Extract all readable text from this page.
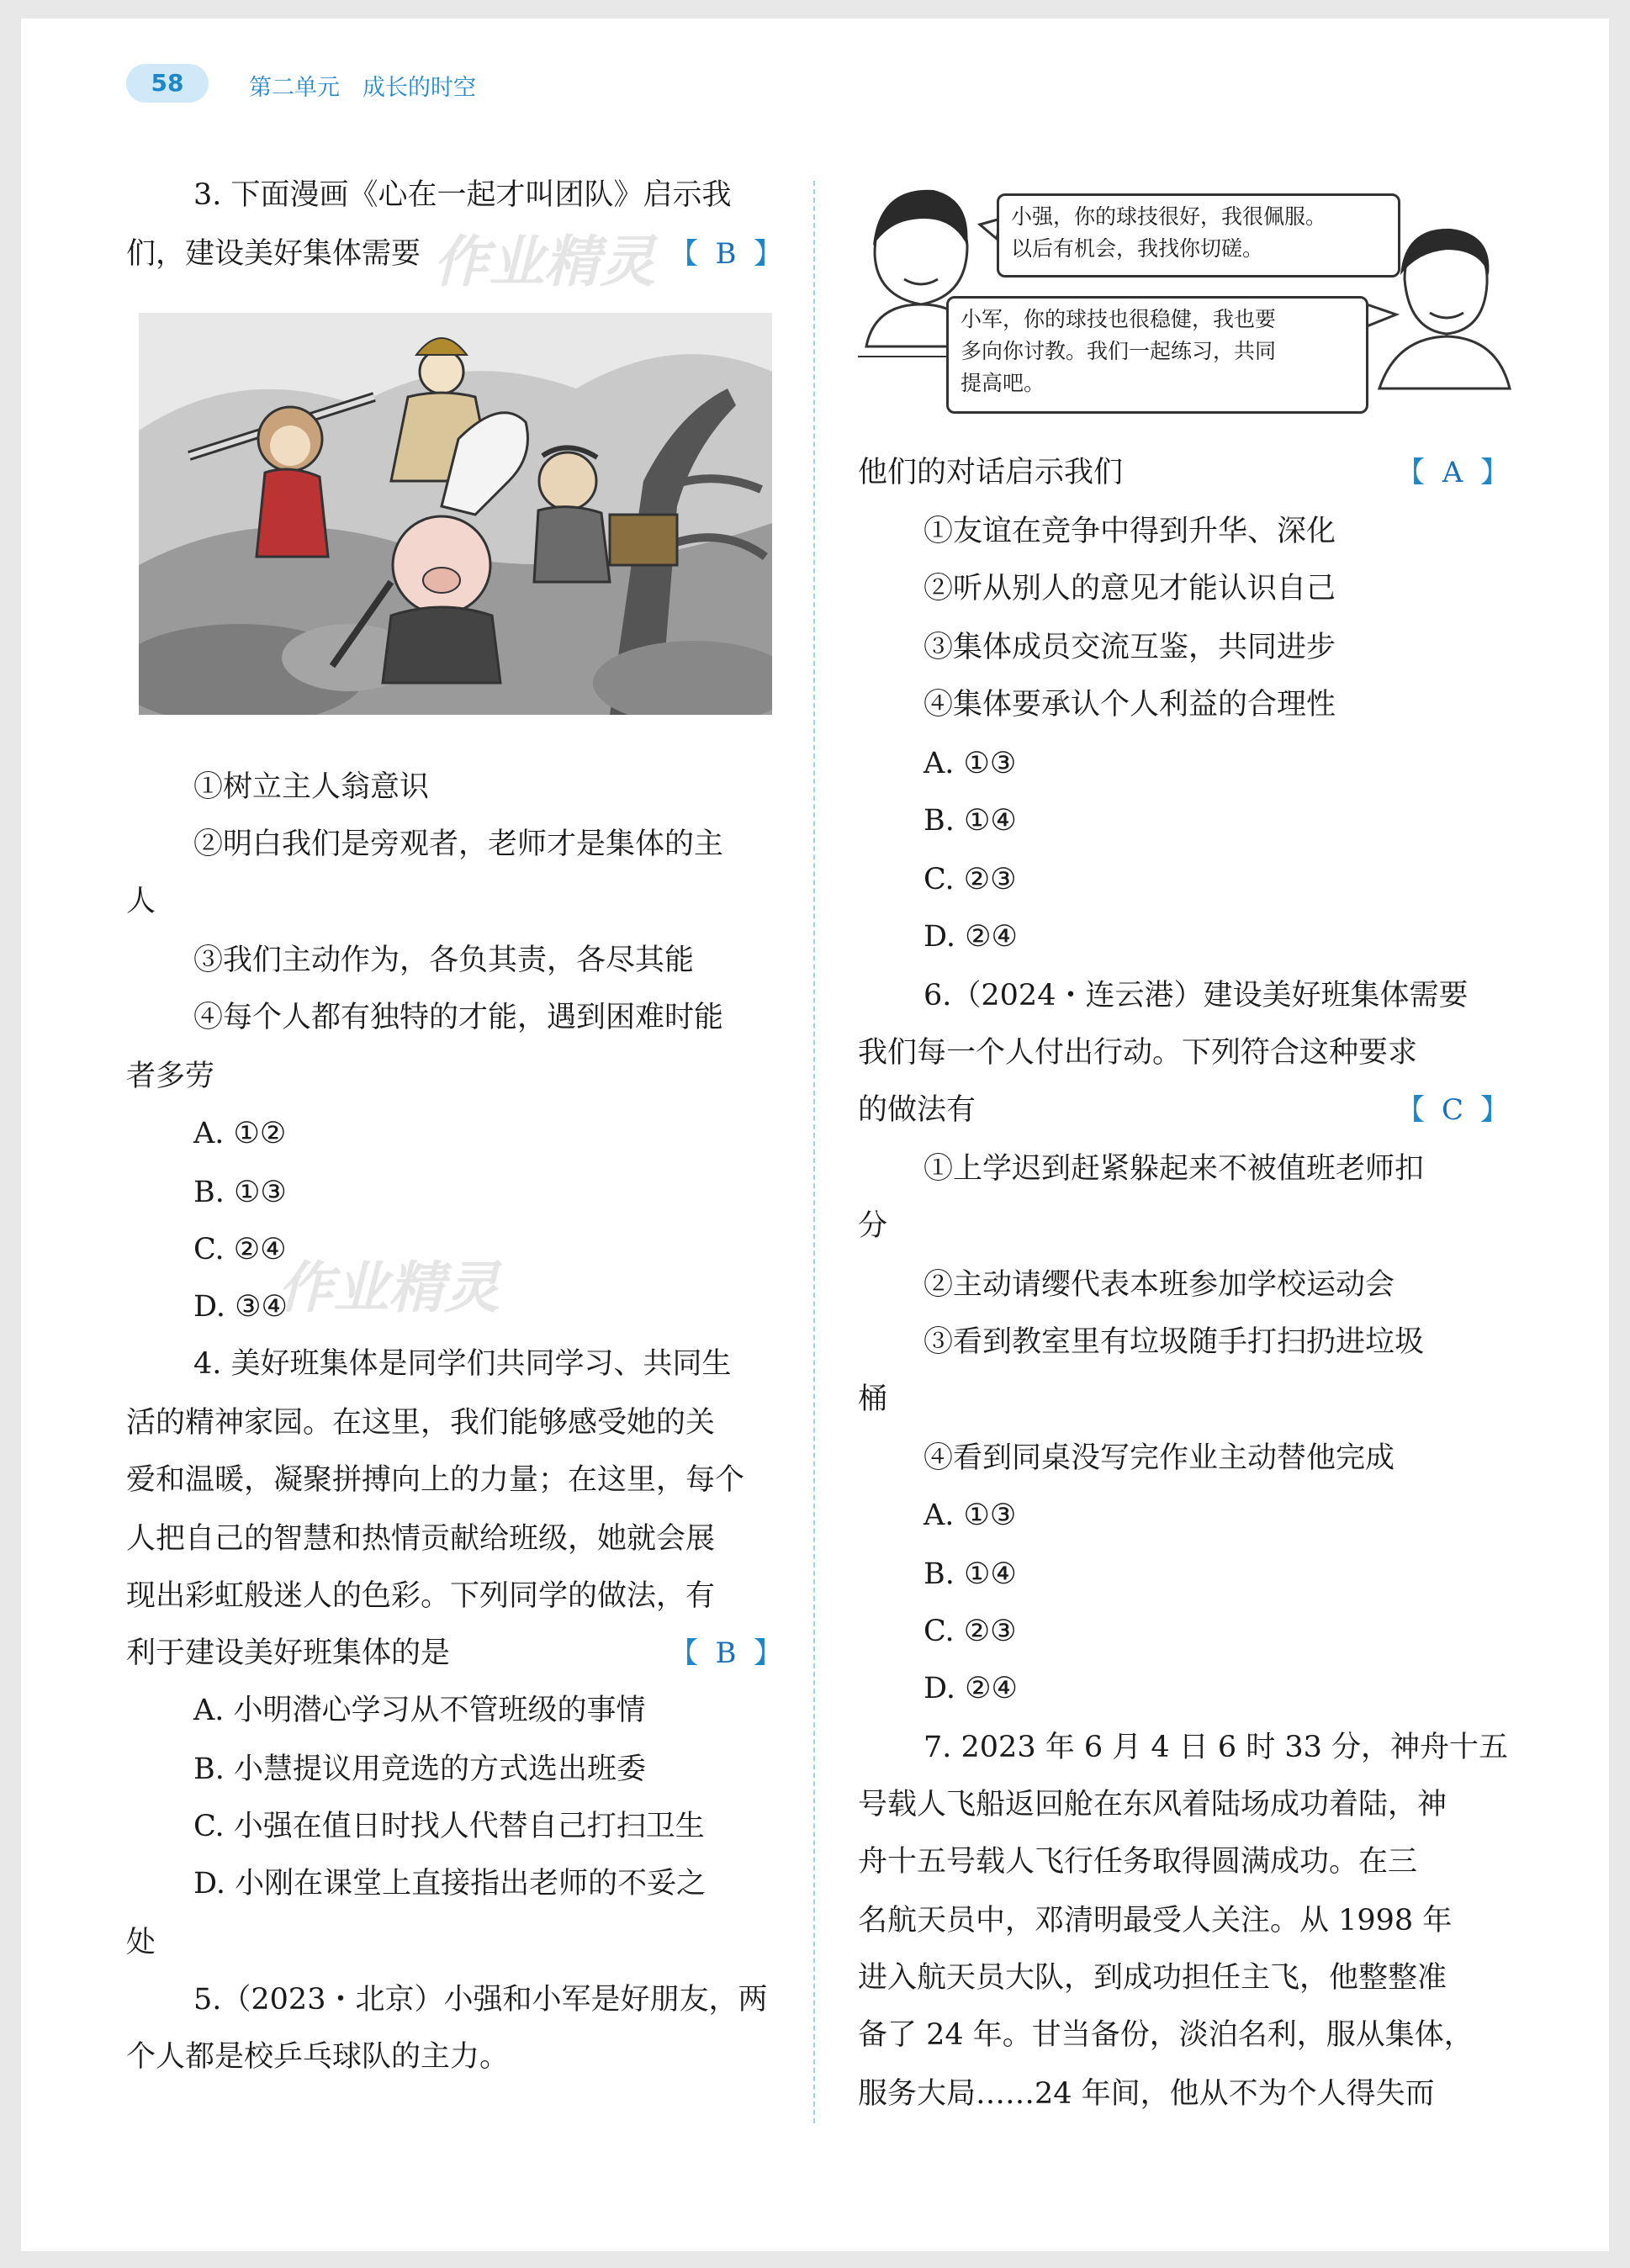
58	第二单元　成长的时空
3. 下面漫画《心在一起才叫团队》启示我
们，建设美好集体需要	【 B 】
作业精灵
①树立主人翁意识
②明白我们是旁观者，老师才是集体的主
人
③我们主动作为，各负其责，各尽其能
④每个人都有独特的才能，遇到困难时能
者多劳
A. ①②
B. ①③
C. ②④
D. ③④
作业精灵
4. 美好班集体是同学们共同学习、共同生
活的精神家园。在这里，我们能够感受她的关
爱和温暖，凝聚拼搏向上的力量；在这里，每个
人把自己的智慧和热情贡献给班级，她就会展
现出彩虹般迷人的色彩。下列同学的做法，有
利于建设美好班集体的是	【 B 】
A. 小明潜心学习从不管班级的事情
B. 小慧提议用竞选的方式选出班委
C. 小强在值日时找人代替自己打扫卫生
D. 小刚在课堂上直接指出老师的不妥之
处
5.（2023・北京）小强和小军是好朋友，两
个人都是校乒乓球队的主力。
小强，你的球技很好，我很佩服。
以后有机会，我找你切磋。
小军，你的球技也很稳健，我也要
多向你讨教。我们一起练习，共同
提高吧。
他们的对话启示我们	【 A 】
①友谊在竞争中得到升华、深化
②听从别人的意见才能认识自己
③集体成员交流互鉴，共同进步
④集体要承认个人利益的合理性
A. ①③
B. ①④
C. ②③
D. ②④
6.（2024・连云港）建设美好班集体需要
我们每一个人付出行动。下列符合这种要求
的做法有	【 C 】
①上学迟到赶紧躲起来不被值班老师扣
分
②主动请缨代表本班参加学校运动会
③看到教室里有垃圾随手打扫扔进垃圾
桶
④看到同桌没写完作业主动替他完成
A. ①③
B. ①④
C. ②③
D. ②④
7. 2023 年 6 月 4 日 6 时 33 分，神舟十五
号载人飞船返回舱在东风着陆场成功着陆，神
舟十五号载人飞行任务取得圆满成功。在三
名航天员中，邓清明最受人关注。从 1998 年
进入航天员大队，到成功担任主飞，他整整准
备了 24 年。甘当备份，淡泊名利，服从集体，
服务大局……24 年间，他从不为个人得失而
